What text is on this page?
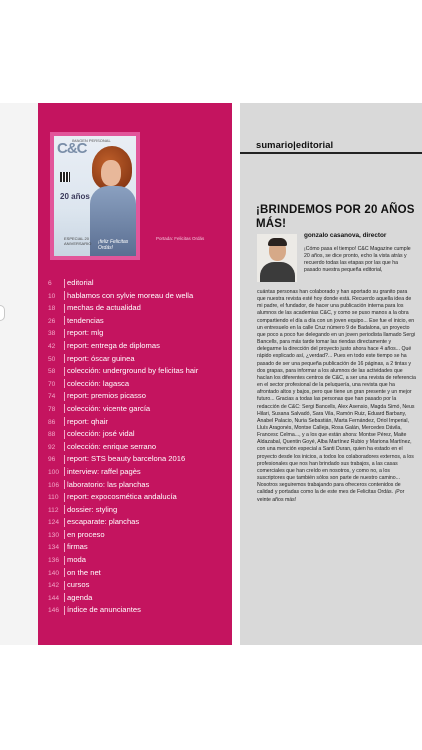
IMAGEN PERSONAL
C&C
20 años
ESPECIAL 20 ANIVERSARIO	¡feliz Felicitas Ordás!
Portada: Felicitas Ordás
6 editorial
10 hablamos con sylvie moreau de wella
18 mechas de actualidad
26 tendencias
38 report: mlg
42 report: entrega de diplomas
50 report: óscar guinea
58 colección: underground by felicitas hair
70 colección: lagasca
74 report: premios picasso
78 colección: vicente garcía
86 report: qhair
88 colección: josé vidal
92 colección: enrique serrano
96 report: STS beauty barcelona 2016
100 interview: raffel pagès
106 laboratorio: las planchas
110 report: expocosmética andalucía
112 dossier: styling
124 escaparate: planchas
130 en proceso
134 firmas
136 moda
140 on the net
142 cursos
144 agenda
146 índice de anunciantes
sumario|editorial
¡BRINDEMOS POR 20 AÑOS MÁS!
gonzalo casanova, director

¡Cómo pasa el tiempo! C&C Magazine cumple 20 años, se dice pronto, echo la vista atrás y recuerdo todas las etapas por las que ha pasado nuestra pequeña editorial,

cuántas personas han colaborado y han aportado su granito para que nuestra revista esté hoy donde está. Recuerdo aquella idea de mi padre, el fundador, de hacer una publicación interna para los alumnos de las academias C&C, y como se puso manos a la obra compartiendo el día a día con un joven equipo... Ese fue el inicio, en un entresuelo en la calle Cruz número 9 de Badalona, un proyecto que poco a poco fue delegando en un joven periodista llamado Sergi Bancells, para más tarde tomar las riendas directamente y delegarme la dirección del proyecto justo ahora hace 4 años... Qué rápido explicado así, ¿verdad?... Pues en todo este tiempo se ha pasado de ser una pequeña publicación de 16 páginas, a 2 tintas y dos grapas, para informar a los alumnos de las actividades que hacían los diferentes centros de C&C, a ser una revista de referencia en el sector profesional de la peluquería, una revista que ha afrontado altos y bajos, pero que tiene un gran presente y un mejor futuro... Gracias a todas las personas que han pasado por la redacción de C&C: Sergi Bancells, Alex Asensio, Magda Simó, Neus Hilari, Susana Salvadó, Sara Vila, Ramón Ruiz, Eduard Barbany, Anabel Palacio, Nuria Sebastián, Marta Fernández, Oriol Imperial, Lluís Aragonés, Montse Calleja, Rosa Galán, Mercedes Dávila, Francesc Celma..., y a los que están ahora: Montse Pérez, Maite Aldazabal, Quentin Goyé, Alba Martínez Rubio y Mariona Martínez, con una mención especial a Santi Duran, quien ha estado en el proyecto desde los inicios, a todos los colaboradores externos, a los profesionales que nos han brindado sus trabajos, a las casas comerciales que han creído en nosotros, y como no, a los suscriptores que también sólos son parte de nuestro camino... Nosotros seguiremos trabajando para ofreceros contenidos de calidad y portadas como la de este mes de Felicitas Ordás. ¡Por veinte años más!
